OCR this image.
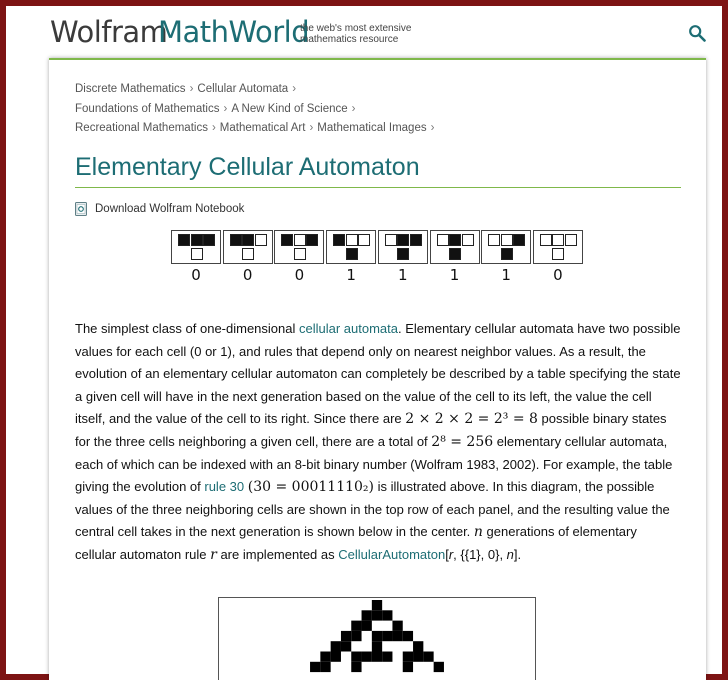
Wolfram
MathWorld
the web's most extensive mathematics resource
Discrete Mathematics › Cellular Automata ›
Foundations of Mathematics › A New Kind of Science ›
Recreational Mathematics › Mathematical Art › Mathematical Images ›
Elementary Cellular Automaton
Download Wolfram Notebook
0	0	0	1	1	1	1	0

The simplest class of one-dimensional cellular automata. Elementary cellular automata have two possible values for each cell (0 or 1), and rules that depend only on nearest neighbor values. As a result, the evolution of an elementary cellular automaton can completely be described by a table specifying the state a given cell will have in the next generation based on the value of the cell to its left, the value the cell itself, and the value of the cell to its right. Since there are 2 × 2 × 2 = 2³ = 8 possible binary states for the three cells neighboring a given cell, there are a total of 2⁸ = 256 elementary cellular automata, each of which can be indexed with an 8-bit binary number (Wolfram 1983, 2002). For example, the table giving the evolution of rule 30 (30 = 00011110₂) is illustrated above. In this diagram, the possible values of the three neighboring cells are shown in the top row of each panel, and the resulting value the central cell takes in the next generation is shown below in the center. n generations of elementary cellular automaton rule r are implemented as CellularAutomaton[r, {{1}, 0}, n].
